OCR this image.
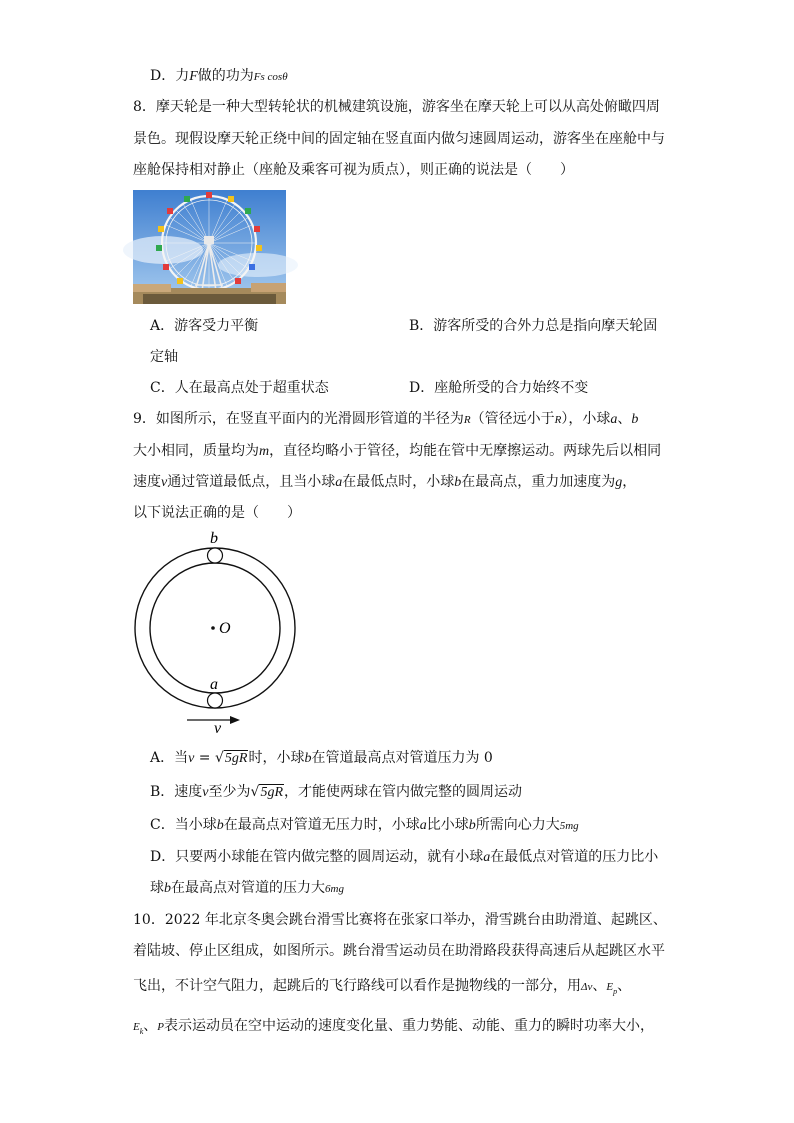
D．力F做的功为Fs cosθ
8．摩天轮是一种大型转轮状的机械建筑设施，游客坐在摩天轮上可以从高处俯瞰四周
景色。现假设摩天轮正绕中间的固定轴在竖直面内做匀速圆周运动，游客坐在座舱中与
座舱保持相对静止（座舱及乘客可视为质点），则正确的说法是（　　）
A．游客受力平衡	B．游客所受的合外力总是指向摩天轮固
定轴
C．人在最高点处于超重状态	D．座舱所受的合力始终不变
9．如图所示，在竖直平面内的光滑圆形管道的半径为R（管径远小于R），小球a、b
大小相同，质量均为m，直径均略小于管径，均能在管中无摩擦运动。两球先后以相同
速度v通过管道最低点，且当小球a在最低点时，小球b在最高点，重力加速度为g，
以下说法正确的是（　　）
b
O
a
v
A．当v = √5gR时，小球b在管道最高点对管道压力为 0
B．速度v至少为√5gR，才能使两球在管内做完整的圆周运动
C．当小球b在最高点对管道无压力时，小球a比小球b所需向心力大5mg
D．只要两小球能在管内做完整的圆周运动，就有小球a在最低点对管道的压力比小
球b在最高点对管道的压力大6mg
10．2022 年北京冬奥会跳台滑雪比赛将在张家口举办，滑雪跳台由助滑道、起跳区、
着陆坡、停止区组成，如图所示。跳台滑雪运动员在助滑路段获得高速后从起跳区水平
飞出，不计空气阻力，起跳后的飞行路线可以看作是抛物线的一部分，用Δv、$E_p$、
$E_k$、P表示运动员在空中运动的速度变化量、重力势能、动能、重力的瞬时功率大小，
